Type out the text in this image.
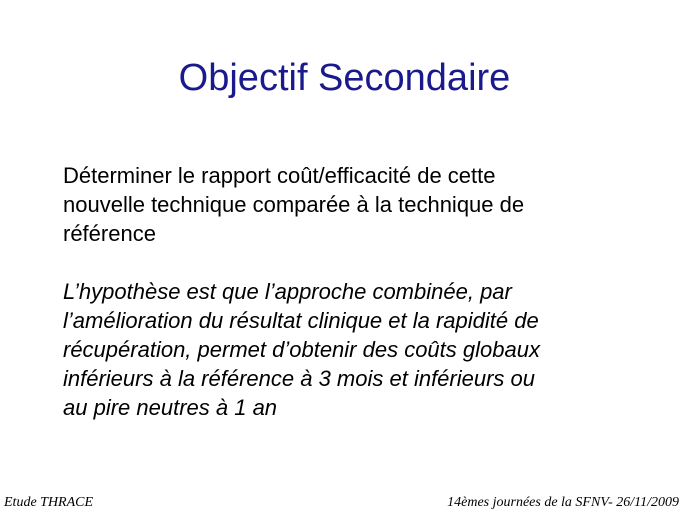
Objectif Secondaire

Déterminer le rapport coût/efficacité de cette
nouvelle technique comparée à la technique de
référence

L’hypothèse est que l’approche combinée, par
l’amélioration du résultat clinique et la rapidité de
récupération, permet d’obtenir des coûts globaux
inférieurs à la référence à 3 mois et inférieurs ou
au pire neutres à 1 an

Etude THRACE	14èmes journées de la SFNV- 26/11/2009
